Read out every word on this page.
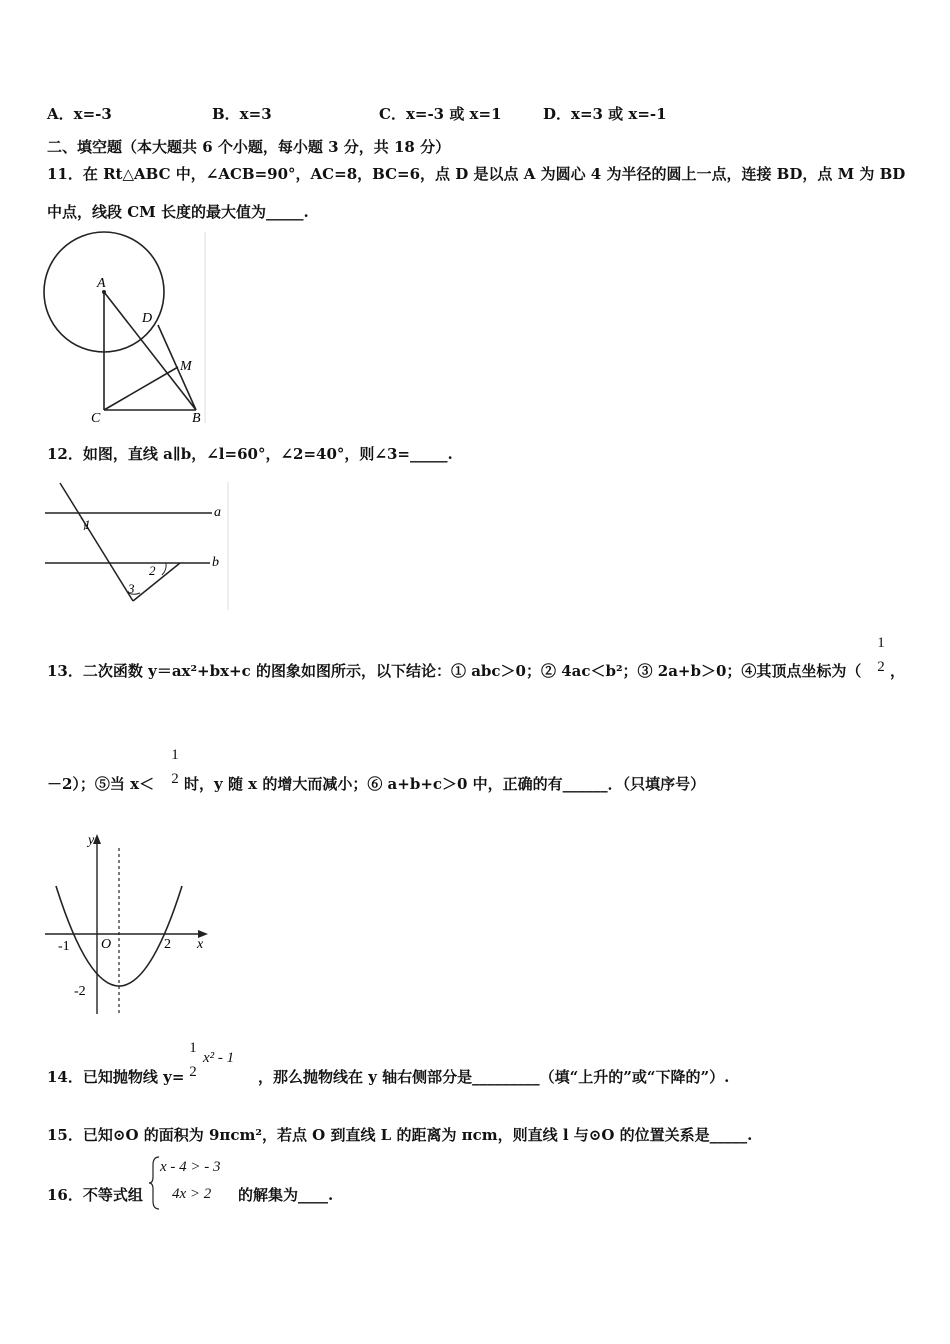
A．x=-3	B．x=3	C．x=-3 或 x=1	D．x=3 或 x=-1
二、填空题（本大题共 6 个小题，每小题 3 分，共 18 分）
11．在 Rt△ABC 中，∠ACB=90°，AC=8，BC=6，点 D 是以点 A 为圆心 4 为半径的圆上一点，连接 BD，点 M 为 BD
中点，线段 CM 长度的最大值为_____.
A
D
M
C	B
12．如图，直线 a∥b，∠l=60°，∠2=40°，则∠3=_____.
a
b
1
2
3
13．二次函数 y＝ax²+bx+c 的图象如图所示，以下结论：① abc＞0；② 4ac＜b²；③ 2a+b＞0；④其顶点坐标为（
1
2 ，
－2）；⑤当 x＜
1
2 时，y 随 x 的增大而减小；⑥ a+b+c＞0 中，正确的有______．（只填序号）
y
x
O
-1	2
-2
14．已知抛物线 y=
1
2
x² - 1
，那么抛物线在 y 轴右侧部分是_________（填“上升的”或“下降的”）.
15．已知⊙O 的面积为 9πcm²，若点 O 到直线 L 的距离为 πcm，则直线 l 与⊙O 的位置关系是_____.
16．不等式组
x - 4 > - 3
4x > 2 的解集为____.
